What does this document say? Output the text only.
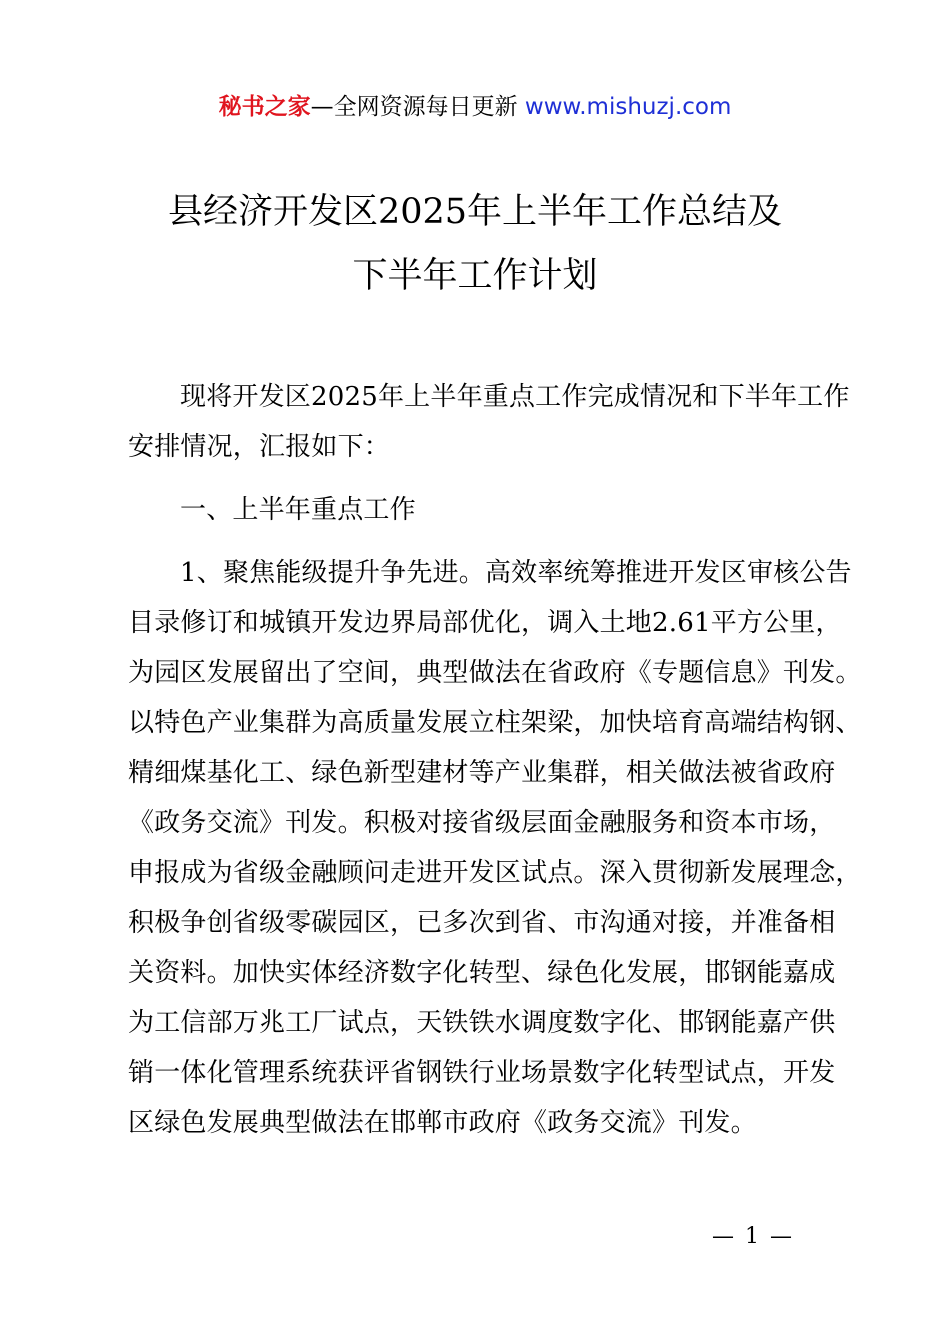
秘书之家—全网资源每日更新 www.mishuzj.com
县经济开发区2025年上半年工作总结及
下半年工作计划
现将开发区2025年上半年重点工作完成情况和下半年工作
安排情况，汇报如下：
一、上半年重点工作
1、聚焦能级提升争先进。高效率统筹推进开发区审核公告
目录修订和城镇开发边界局部优化，调入土地2.61平方公里，
为园区发展留出了空间，典型做法在省政府《专题信息》刊发。
以特色产业集群为高质量发展立柱架梁，加快培育高端结构钢、
精细煤基化工、绿色新型建材等产业集群，相关做法被省政府
《政务交流》刊发。积极对接省级层面金融服务和资本市场，
申报成为省级金融顾问走进开发区试点。深入贯彻新发展理念，
积极争创省级零碳园区，已多次到省、市沟通对接，并准备相
关资料。加快实体经济数字化转型、绿色化发展，邯钢能嘉成
为工信部万兆工厂试点，天铁铁水调度数字化、邯钢能嘉产供
销一体化管理系统获评省钢铁行业场景数字化转型试点，开发
区绿色发展典型做法在邯郸市政府《政务交流》刊发。
— 1 —
